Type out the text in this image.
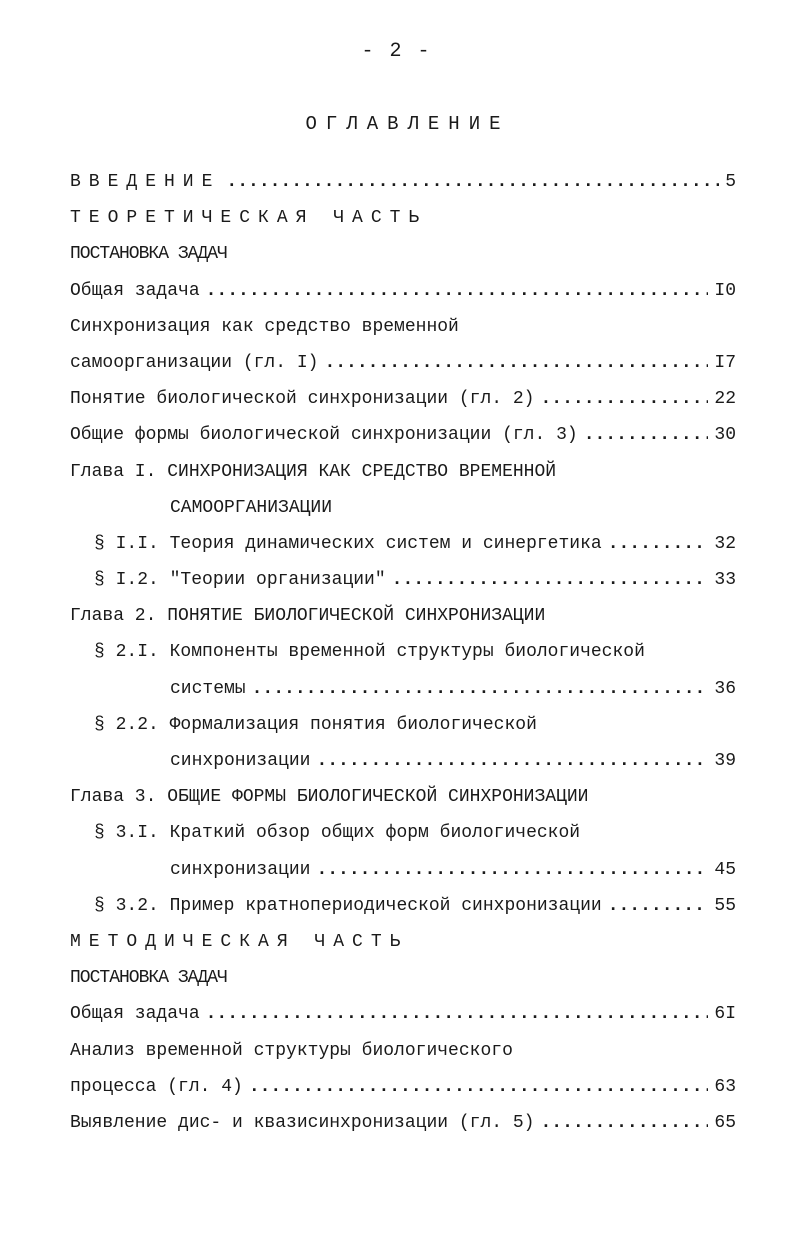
- 2 -
ОГЛАВЛЕНИЕ
ВВЕДЕНИЕ .....	5
ТЕОРЕТИЧЕСКАЯ ЧАСТЬ
ПОСТАНОВКА ЗАДАЧ
Общая задача .....	I0
Синхронизация как средство временной
самоорганизации (гл. I) .....	I7
Понятие биологической синхронизации (гл. 2) .....	22
Общие формы биологической синхронизации (гл. 3) .....	30
Глава I. СИНХРОНИЗАЦИЯ КАК СРЕДСТВО ВРЕМЕННОЙ
САМООРГАНИЗАЦИИ
§ I.I. Теория динамических систем и синергетика .....	32
§ I.2. "Теории организации" .....	33
Глава 2. ПОНЯТИЕ БИОЛОГИЧЕСКОЙ СИНХРОНИЗАЦИИ
§ 2.I. Компоненты временной структуры биологической
системы .....	36
§ 2.2. Формализация понятия биологической
синхронизации .....	39
Глава 3. ОБЩИЕ ФОРМЫ БИОЛОГИЧЕСКОЙ СИНХРОНИЗАЦИИ
§ 3.I. Краткий обзор общих форм биологической
синхронизации .....	45
§ 3.2. Пример кратнопериодической синхронизации .....	55
МЕТОДИЧЕСКАЯ ЧАСТЬ
ПОСТАНОВКА ЗАДАЧ
Общая задача .....	6I
Анализ временной структуры биологического
процесса (гл. 4) .....	63
Выявление дис- и квазисинхронизации (гл. 5) .....	65
